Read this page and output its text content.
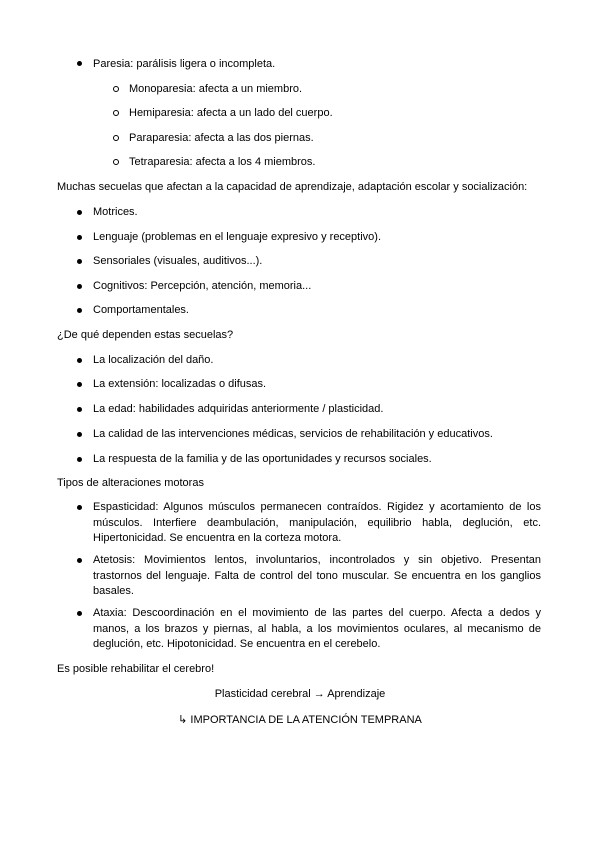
Paresia: parálisis ligera o incompleta.
Monoparesia: afecta a un miembro.
Hemiparesia: afecta a un lado del cuerpo.
Paraparesia: afecta a las dos piernas.
Tetraparesia: afecta a los 4 miembros.
Muchas secuelas que afectan a la capacidad de aprendizaje, adaptación escolar y socialización:
Motrices.
Lenguaje (problemas en el lenguaje expresivo y receptivo).
Sensoriales (visuales, auditivos...).
Cognitivos: Percepción, atención, memoria...
Comportamentales.
¿De qué dependen estas secuelas?
La localización del daño.
La extensión: localizadas o difusas.
La edad: habilidades adquiridas anteriormente / plasticidad.
La calidad de las intervenciones médicas, servicios de rehabilitación y educativos.
La respuesta de la familia y de las oportunidades y recursos sociales.
Tipos de alteraciones motoras
Espasticidad: Algunos músculos permanecen contraídos. Rigidez y acortamiento de los músculos. Interfiere deambulación, manipulación, equilibrio habla, deglución, etc. Hipertonicidad. Se encuentra en la corteza motora.
Atetosis: Movimientos lentos, involuntarios, incontrolados y sin objetivo. Presentan trastornos del lenguaje. Falta de control del tono muscular. Se encuentra en los ganglios basales.
Ataxia: Descoordinación en el movimiento de las partes del cuerpo. Afecta a dedos y manos, a los brazos y piernas, al habla, a los movimientos oculares, al mecanismo de deglución, etc. Hipotonicidad. Se encuentra en el cerebelo.
Es posible rehabilitar el cerebro!
Plasticidad cerebral → Aprendizaje
↳ IMPORTANCIA DE LA ATENCIÓN TEMPRANA
